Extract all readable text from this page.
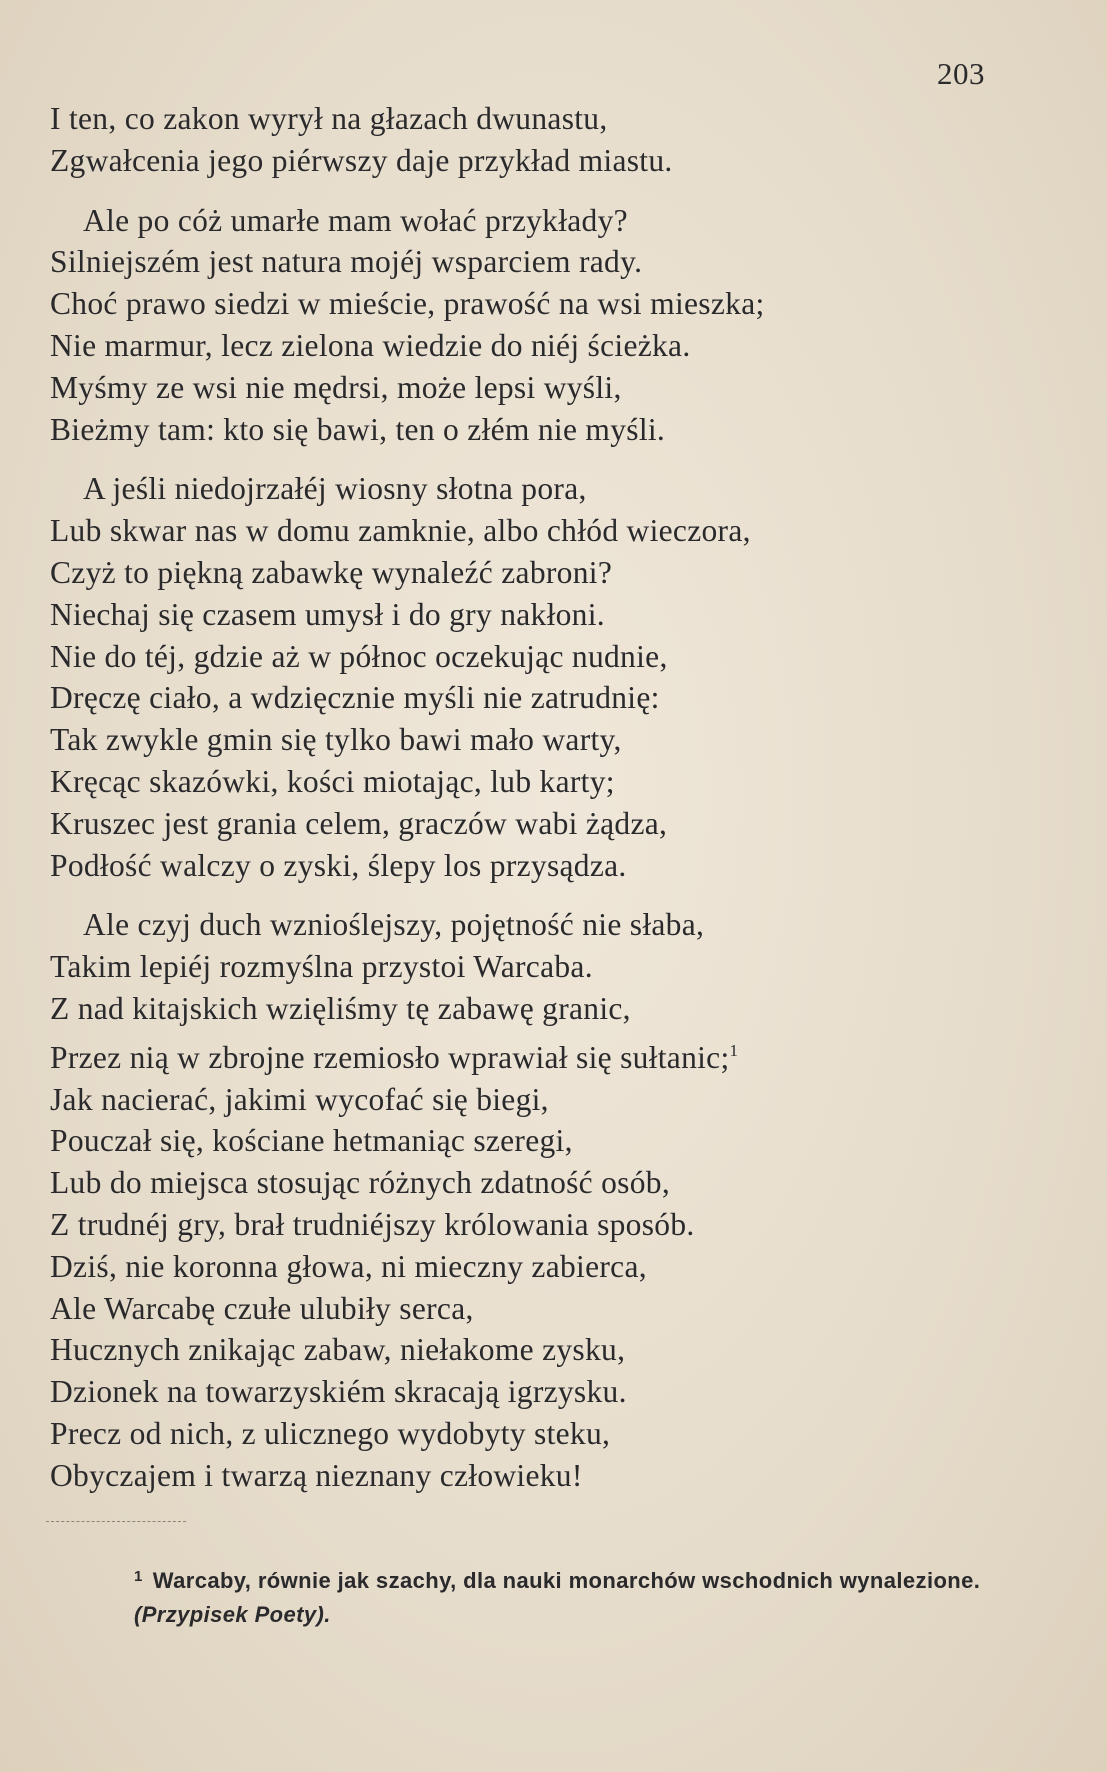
203
I ten, co zakon wyrył na głazach dwunastu,
Zgwałcenia jego piérwszy daje przykład miastu.
Ale po cóż umarłe mam wołać przykłady?
Silniejszém jest natura mojéj wsparciem rady.
Choć prawo siedzi w mieście, prawość na wsi mieszka;
Nie marmur, lecz zielona wiedzie do niéj ścieżka.
Myśmy ze wsi nie mędrsi, może lepsi wyśli,
Bieżmy tam: kto się bawi, ten o złém nie myśli.
A jeśli niedojrzałéj wiosny słotna pora,
Lub skwar nas w domu zamknie, albo chłód wieczora,
Czyż to piękną zabawkę wynaleźć zabroni?
Niechaj się czasem umysł i do gry nakłoni.
Nie do téj, gdzie aż w północ oczekując nudnie,
Dręczę ciało, a wdzięcznie myśli nie zatrudnię:
Tak zwykle gmin się tylko bawi mało warty,
Kręcąc skazówki, kości miotając, lub karty;
Kruszec jest grania celem, graczów wabi żądza,
Podłość walczy o zyski, ślepy los przysądza.
Ale czyj duch wznioślejszy, pojętność nie słaba,
Takim lepiéj rozmyślna przystoi Warcaba.
Z nad kitajskich wzięliśmy tę zabawę granic,
Przez nią w zbrojne rzemiosło wprawiał się sułtanic;$^1$
Jak nacierać, jakimi wycofać się biegi,
Pouczał się, kościane hetmaniąc szeregi,
Lub do miejsca stosując różnych zdatność osób,
Z trudnéj gry, brał trudniéjszy królowania sposób.
Dziś, nie koronna głowa, ni mieczny zabierca,
Ale Warcabę czułe ulubiły serca,
Hucznych znikając zabaw, niełakome zysku,
Dzionek na towarzyskiém skracają igrzysku.
Precz od nich, z ulicznego wydobyty steku,
Obyczajem i twarzą nieznany człowieku!
$^1$ Warcaby, równie jak szachy, dla nauki monarchów wschodnich wynalezione. (Przypisek Poety).
